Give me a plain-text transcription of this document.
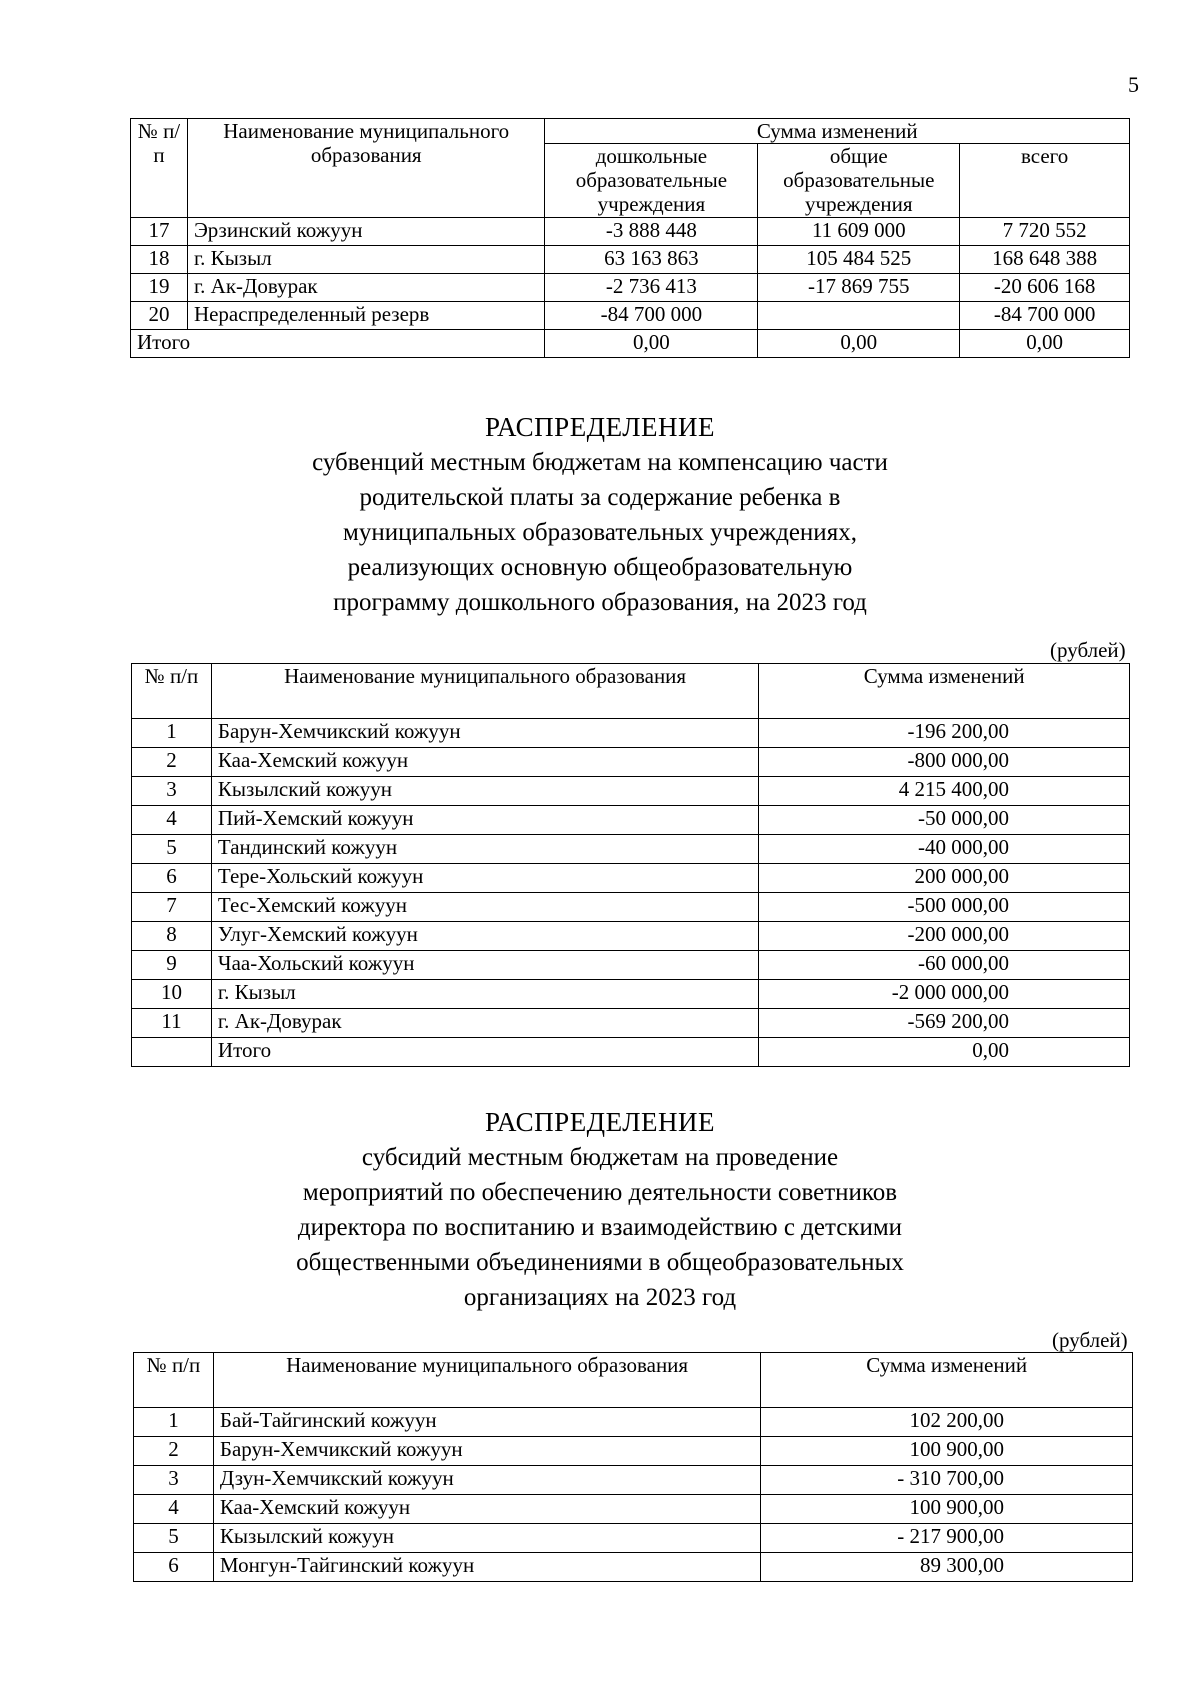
5
№ п/п	Наименование муниципального образования	Сумма изменений		
		дошкольные образовательные учреждения	общие образовательные учреждения	всего
17	Эрзинский кожуун	-3 888 448	11 609 000	7 720 552
18	г. Кызыл	63 163 863	105 484 525	168 648 388
19	г. Ак-Довурак	-2 736 413	-17 869 755	-20 606 168
20	Нераспределенный резерв	-84 700 000		-84 700 000
Итого		0,00	0,00	0,00
РАСПРЕДЕЛЕНИЕ
субвенций местным бюджетам на компенсацию части
родительской платы за содержание ребенка в
муниципальных образовательных учреждениях,
реализующих основную общеобразовательную
программу дошкольного образования, на 2023 год
(рублей)
№ п/п	Наименование муниципального образования	Сумма изменений
1	Барун-Хемчикский кожуун	-196 200,00
2	Каа-Хемский кожуун	-800 000,00
3	Кызылский кожуун	4 215 400,00
4	Пий-Хемский кожуун	-50 000,00
5	Тандинский кожуун	-40 000,00
6	Тере-Хольский кожуун	200 000,00
7	Тес-Хемский кожуун	-500 000,00
8	Улуг-Хемский кожуун	-200 000,00
9	Чаа-Хольский кожуун	-60 000,00
10	г. Кызыл	-2 000 000,00
11	г. Ак-Довурак	-569 200,00
	Итого	0,00
РАСПРЕДЕЛЕНИЕ
субсидий местным бюджетам на проведение
мероприятий по обеспечению деятельности советников
директора по воспитанию и взаимодействию с детскими
общественными объединениями в общеобразовательных
организациях на 2023 год
(рублей)
№ п/п	Наименование муниципального образования	Сумма изменений
1	Бай-Тайгинский кожуун	102 200,00
2	Барун-Хемчикский кожуун	100 900,00
3	Дзун-Хемчикский кожуун	- 310 700,00
4	Каа-Хемский кожуун	100 900,00
5	Кызылский кожуун	- 217 900,00
6	Монгун-Тайгинский кожуун	89 300,00
